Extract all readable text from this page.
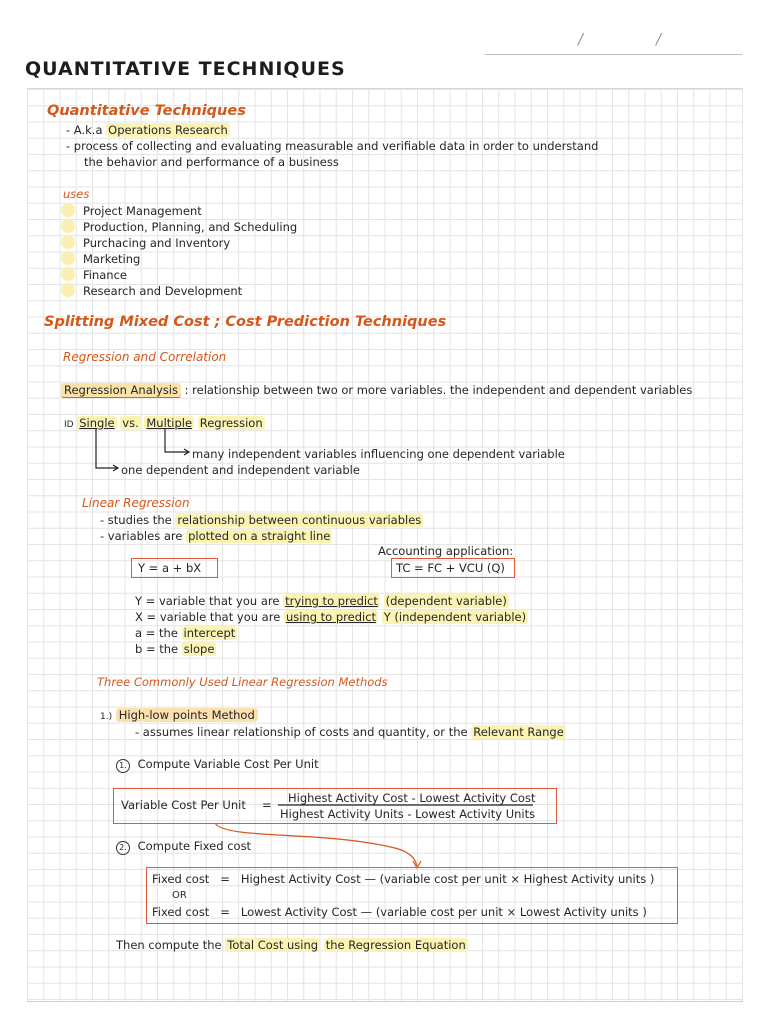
/	/
QUANTITATIVE TECHNIQUES
Quantitative Techniques
- A.k.a Operations Research
- process of collecting and evaluating measurable and verifiable data in order to understand
the behavior and performance of a business
uses
Project Management
Production, Planning, and Scheduling
Purchacing and Inventory
Marketing
Finance
Research and Development
Splitting Mixed Cost ; Cost Prediction Techniques
Regression and Correlation
Regression Analysis : relationship between two or more variables. the independent and dependent variables
ID Single vs. Multiple Regression
many independent variables influencing one dependent variable
one dependent and independent variable
Linear Regression
- studies the relationship between continuous variables
- variables are plotted on a straight line
Accounting application:
Y = a + bX	TC = FC + VCU (Q)
Y = variable that you are trying to predict (dependent variable)
X = variable that you are using to predict Y (independent variable)
a = the intercept
b = the slope
Three Commonly Used Linear Regression Methods
1.) High-low points Method
- assumes linear relationship of costs and quantity, or the Relevant Range
1. Compute Variable Cost Per Unit
Variable Cost Per Unit = Highest Activity Cost - Lowest Activity Cost
Highest Activity Units - Lowest Activity Units
2. Compute Fixed cost
Fixed cost = Highest Activity Cost — (variable cost per unit × Highest Activity units )
OR
Fixed cost = Lowest Activity Cost — (variable cost per unit × Lowest Activity units )
Then compute the Total Cost using the Regression Equation
